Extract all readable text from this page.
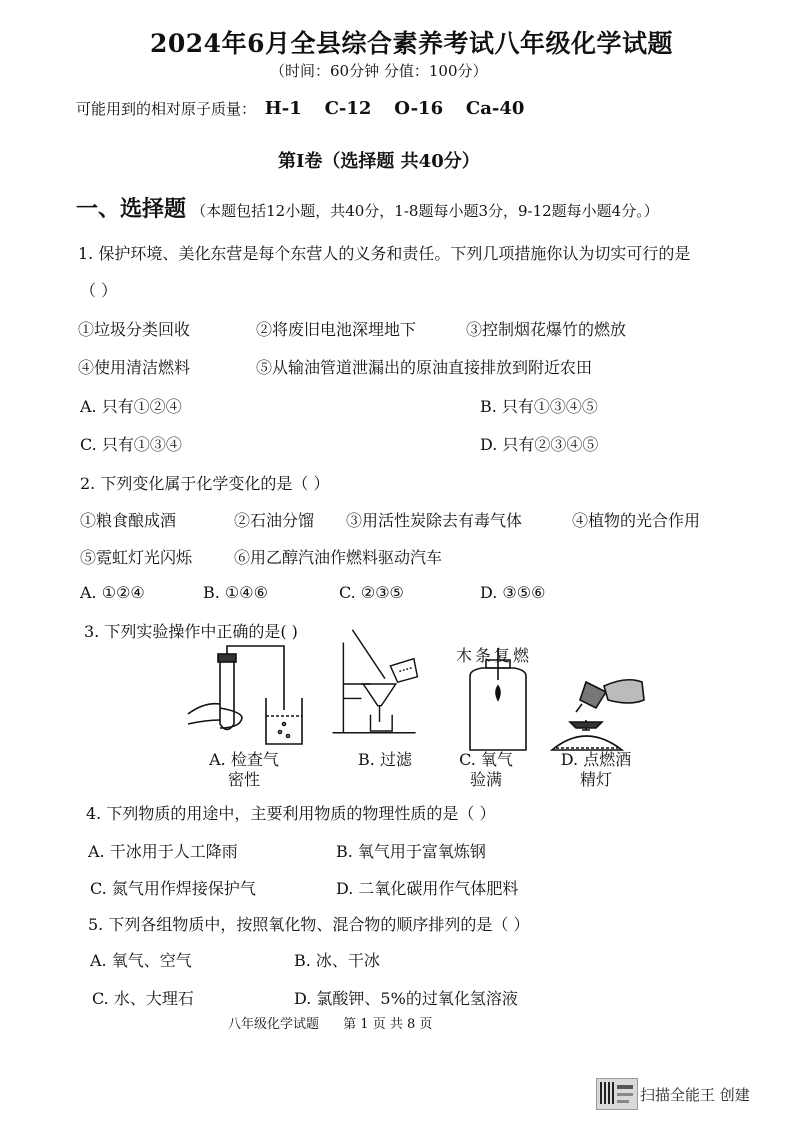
2024年6月全县综合素养考试八年级化学试题
（时间：60分钟 分值：100分）
可能用到的相对原子质量： H-1 C-12 O-16 Ca-40
第Ⅰ卷（选择题 共40分）
一、选择题 （本题包括12小题，共40分，1-8题每小题3分，9-12题每小题4分。）
1. 保护环境、美化东营是每个东营人的义务和责任。下列几项措施你认为切实可行的是
（ ）
①垃圾分类回收	②将废旧电池深埋地下	③控制烟花爆竹的燃放
④使用清洁燃料	⑤从输油管道泄漏出的原油直接排放到附近农田
A. 只有①②④	B. 只有①③④⑤
C. 只有①③④	D. 只有②③④⑤
2. 下列变化属于化学变化的是（ ）
①粮食酿成酒	②石油分馏 ③用活性炭除去有毒气体	④植物的光合作用
⑤霓虹灯光闪烁	⑥用乙醇汽油作燃料驱动汽车
A. ①②④	B. ①④⑥	C. ②③⑤	D. ③⑤⑥
3. 下列实验操作中正确的是( )
木条复燃
A. 检查气
密性
B. 过滤	C. 氧气
验满
D. 点燃酒
精灯
4. 下列物质的用途中，主要利用物质的物理性质的是（ ）
A. 干冰用于人工降雨	B. 氧气用于富氧炼钢
C. 氮气用作焊接保护气	D. 二氧化碳用作气体肥料
5. 下列各组物质中，按照氧化物、混合物的顺序排列的是（ ）
A. 氧气、空气	B. 冰、干冰
C. 水、大理石	D. 氯酸钾、5%的过氧化氢溶液
八年级化学试题 第 1 页 共 8 页
扫描全能王 创建
